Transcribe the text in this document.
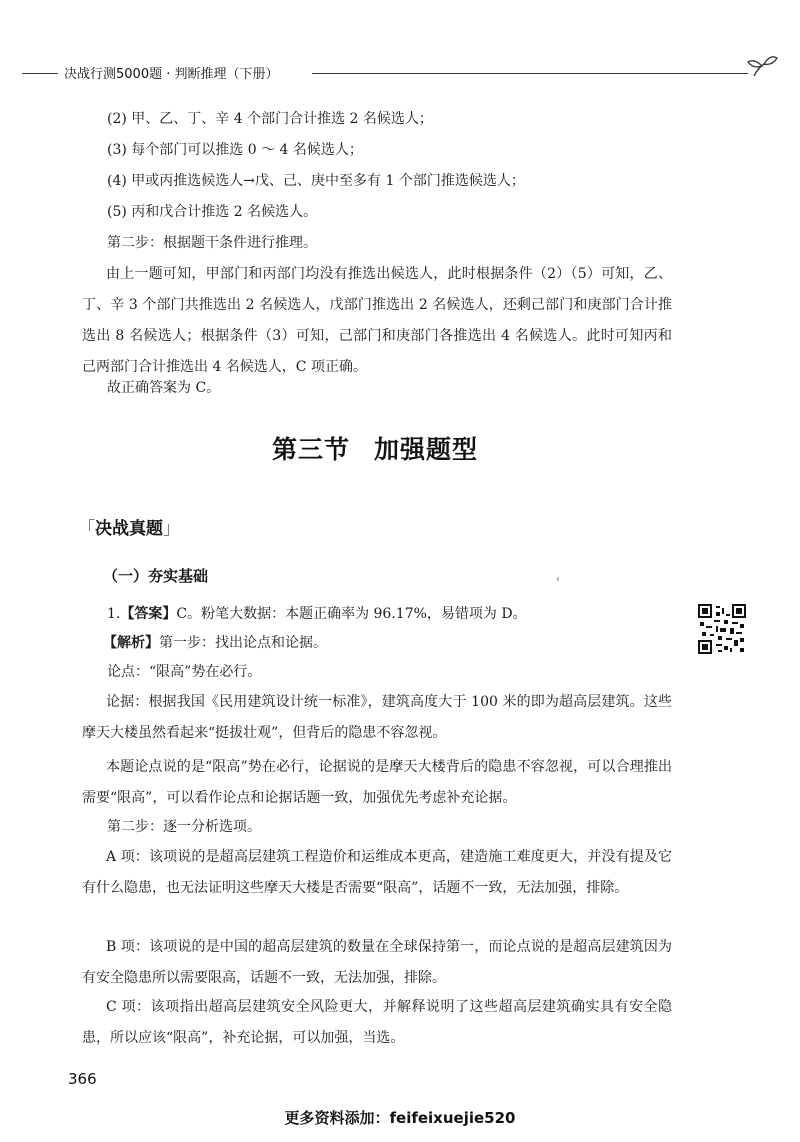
决战行测5000题 · 判断推理（下册）

(2) 甲、乙、丁、辛 4 个部门合计推选 2 名候选人；

(3) 每个部门可以推选 0 ～ 4 名候选人；

(4) 甲或丙推选候选人→戊、己、庚中至多有 1 个部门推选候选人；

(5) 丙和戊合计推选 2 名候选人。

第二步：根据题干条件进行推理。

由上一题可知，甲部门和丙部门均没有推选出候选人，此时根据条件（2）（5）可知，乙、丁、辛 3 个部门共推选出 2 名候选人，戊部门推选出 2 名候选人，还剩己部门和庚部门合计推选出 8 名候选人；根据条件（3）可知，己部门和庚部门各推选出 4 名候选人。此时可知丙和己两部门合计推选出 4 名候选人，C 项正确。

故正确答案为 C。

第三节 加强题型
「决战真题」
（一）夯实基础	‹

1.【答案】C。粉笔大数据：本题正确率为 96.17%，易错项为 D。

【解析】第一步：找出论点和论据。

论点：“限高”势在必行。

论据：根据我国《民用建筑设计统一标准》，建筑高度大于 100 米的即为超高层建筑。这些摩天大楼虽然看起来“挺拔壮观”，但背后的隐患不容忽视。

本题论点说的是“限高”势在必行，论据说的是摩天大楼背后的隐患不容忽视，可以合理推出需要“限高”，可以看作论点和论据话题一致，加强优先考虑补充论据。

第二步：逐一分析选项。

A 项：该项说的是超高层建筑工程造价和运维成本更高，建造施工难度更大，并没有提及它有什么隐患，也无法证明这些摩天大楼是否需要“限高”，话题不一致，无法加强，排除。

B 项：该项说的是中国的超高层建筑的数量在全球保持第一，而论点说的是超高层建筑因为有安全隐患所以需要限高，话题不一致，无法加强，排除。

C 项：该项指出超高层建筑安全风险更大，并解释说明了这些超高层建筑确实具有安全隐患，所以应该“限高”，补充论据，可以加强，当选。

366
更多资料添加：feifeixuejie520
